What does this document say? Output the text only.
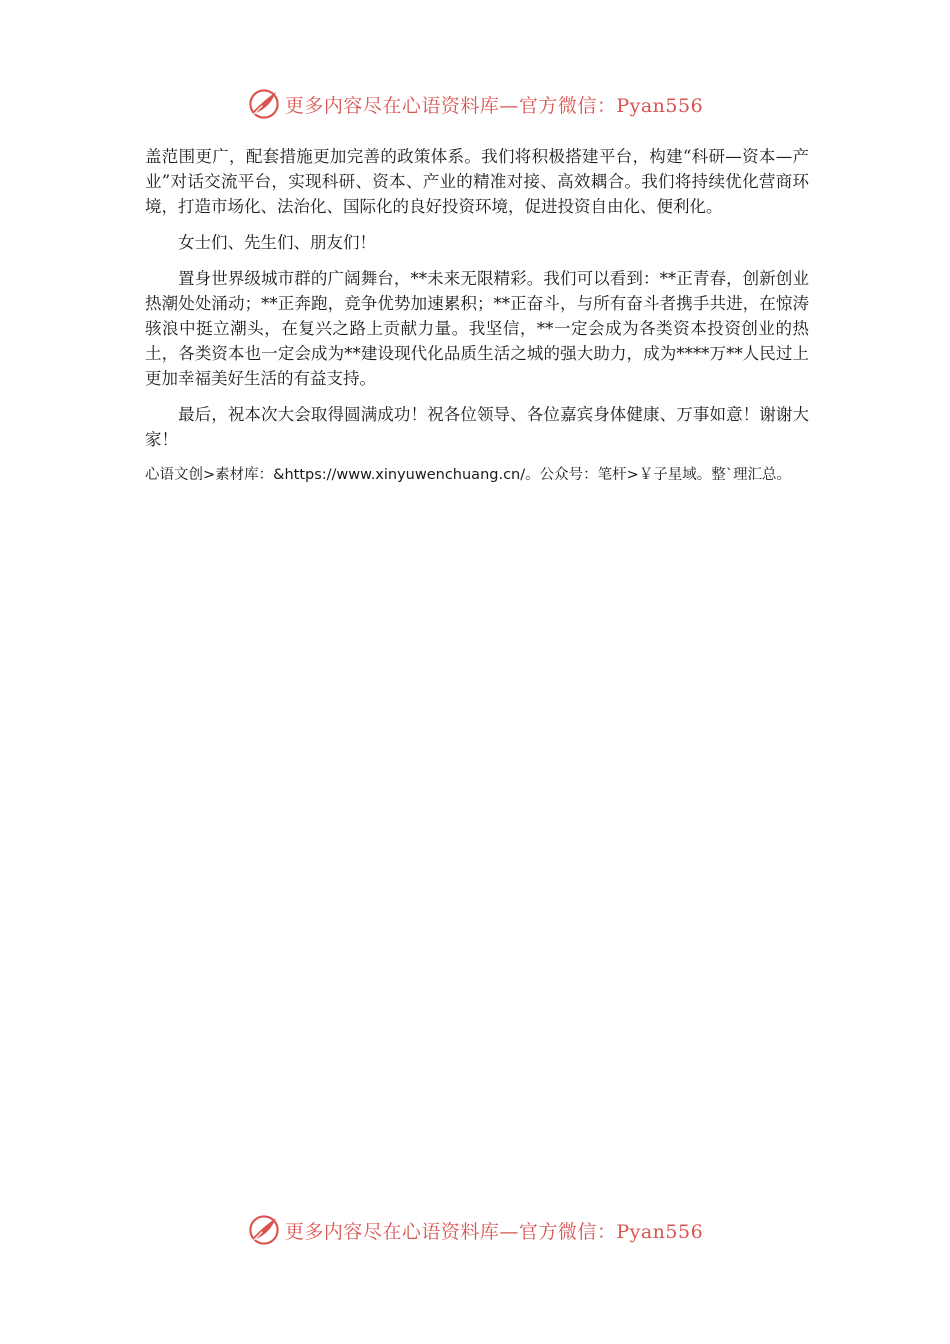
更多内容尽在心语资料库—官方微信：Pyan556

盖范围更广，配套措施更加完善的政策体系。我们将积极搭建平台，构建“科研—资本—产业”对话交流平台，实现科研、资本、产业的精准对接、高效耦合。我们将持续优化营商环境，打造市场化、法治化、国际化的良好投资环境，促进投资自由化、便利化。

女士们、先生们、朋友们！

置身世界级城市群的广阔舞台，**未来无限精彩。我们可以看到：**正青春，创新创业热潮处处涌动；**正奔跑，竞争优势加速累积；**正奋斗，与所有奋斗者携手共进，在惊涛骇浪中挺立潮头，在复兴之路上贡献力量。我坚信，**一定会成为各类资本投资创业的热土，各类资本也一定会成为**建设现代化品质生活之城的强大助力，成为****万**人民过上更加幸福美好生活的有益支持。

最后，祝本次大会取得圆满成功！祝各位领导、各位嘉宾身体健康、万事如意！谢谢大家！

心语文创>素材库：&https://www.xinyuwenchuang.cn/。公众号：笔杆>￥子星域。整`理汇总。
更多内容尽在心语资料库—官方微信：Pyan556
